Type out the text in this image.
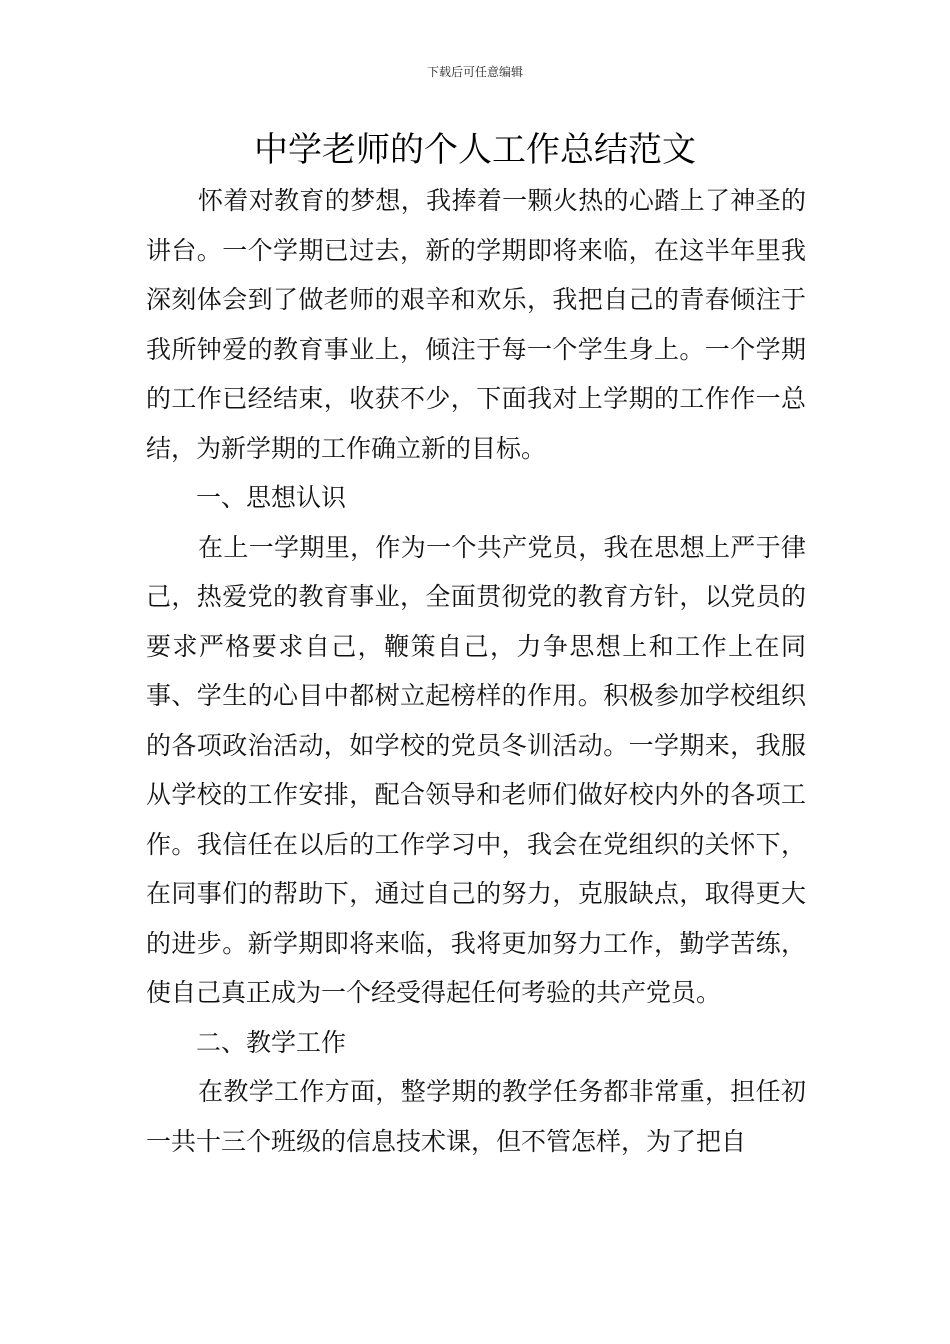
下载后可任意编辑
中学老师的个人工作总结范文

怀着对教育的梦想，我捧着一颗火热的心踏上了神圣的讲台。一个学期已过去，新的学期即将来临，在这半年里我深刻体会到了做老师的艰辛和欢乐，我把自己的青春倾注于我所钟爱的教育事业上，倾注于每一个学生身上。一个学期的工作已经结束，收获不少，下面我对上学期的工作作一总结，为新学期的工作确立新的目标。

一、思想认识

在上一学期里，作为一个共产党员，我在思想上严于律己，热爱党的教育事业，全面贯彻党的教育方针，以党员的要求严格要求自己，鞭策自己，力争思想上和工作上在同事、学生的心目中都树立起榜样的作用。积极参加学校组织的各项政治活动，如学校的党员冬训活动。一学期来，我服从学校的工作安排，配合领导和老师们做好校内外的各项工作。我信任在以后的工作学习中，我会在党组织的关怀下，在同事们的帮助下，通过自己的努力，克服缺点，取得更大的进步。新学期即将来临，我将更加努力工作，勤学苦练，使自己真正成为一个经受得起任何考验的共产党员。

二、教学工作

在教学工作方面，整学期的教学任务都非常重，担任初一共十三个班级的信息技术课，但不管怎样，为了把自
